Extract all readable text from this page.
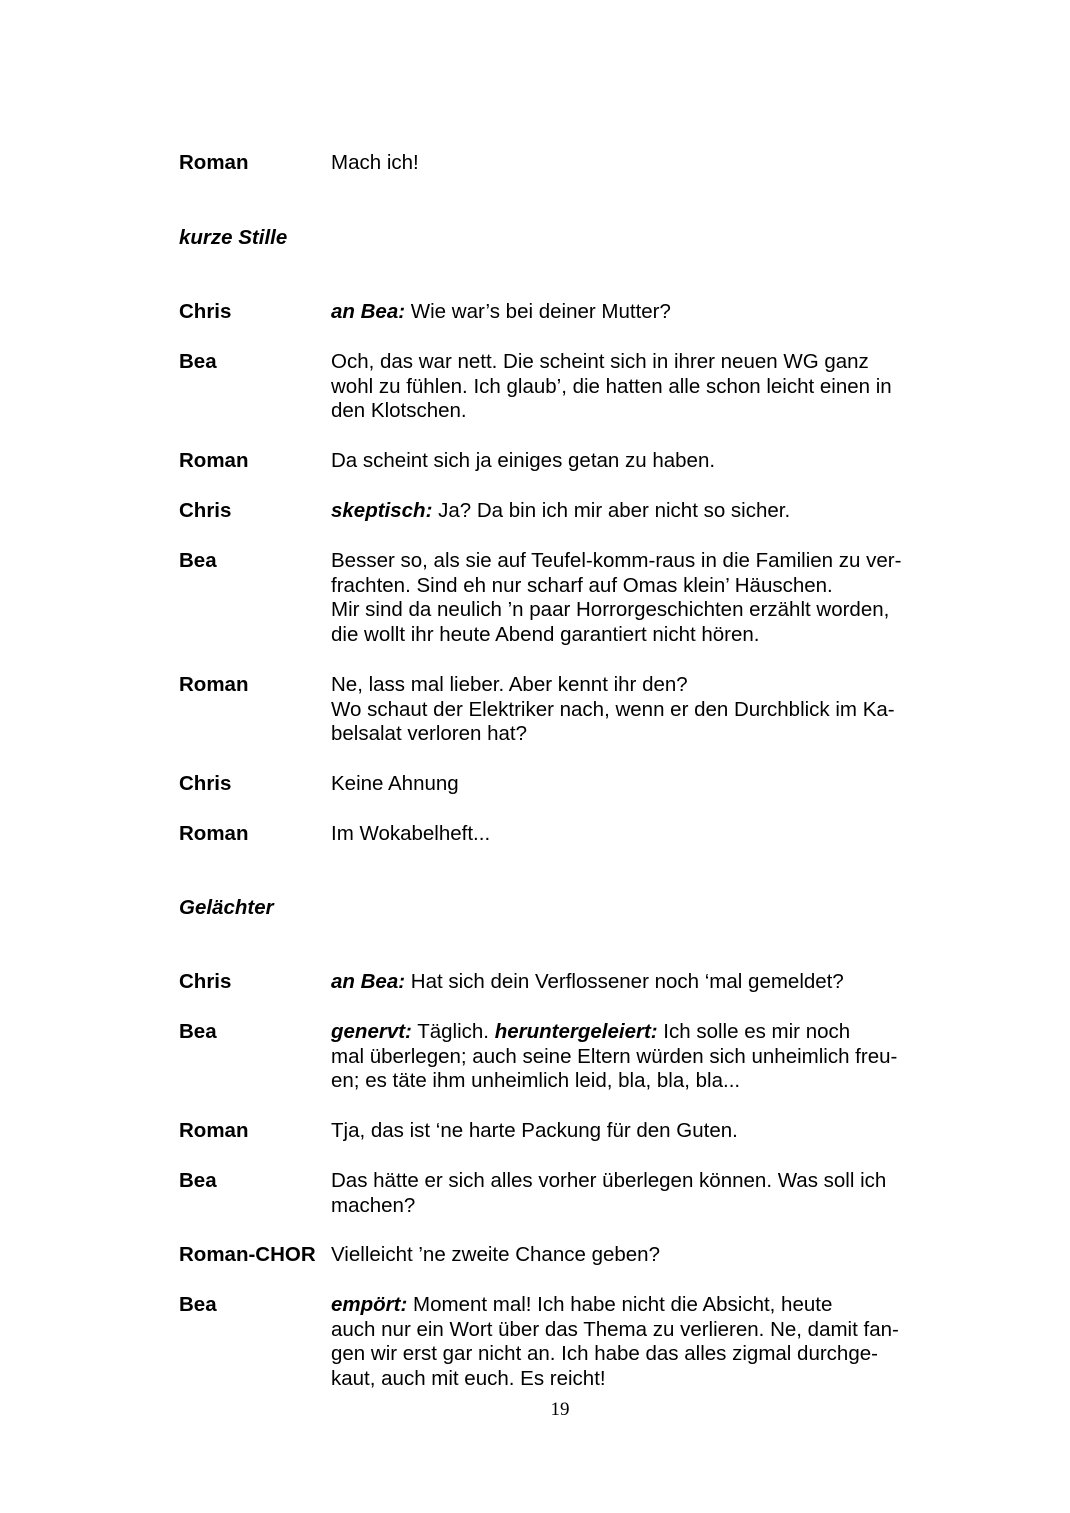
Roman	Mach ich!
kurze Stille
Chris	an Bea: Wie war’s bei deiner Mutter?
Bea	Och, das war nett. Die scheint sich in ihrer neuen WG ganz
wohl zu fühlen. Ich glaub’, die hatten alle schon leicht einen in
den Klotschen.
Roman	Da scheint sich ja einiges getan zu haben.
Chris	skeptisch: Ja? Da bin ich mir aber nicht so sicher.
Bea	Besser so, als sie auf Teufel-komm-raus in die Familien zu ver-
frachten. Sind eh nur scharf auf Omas klein’ Häuschen.
Mir sind da neulich ’n paar Horrorgeschichten erzählt worden,
die wollt ihr heute Abend garantiert nicht hören.
Roman	Ne, lass mal lieber. Aber kennt ihr den?
Wo schaut der Elektriker nach, wenn er den Durchblick im Ka-
belsalat verloren hat?
Chris	Keine Ahnung
Roman	Im Wokabelheft...
Gelächter
Chris	an Bea: Hat sich dein Verflossener noch ‘mal gemeldet?
Bea	genervt: Täglich. heruntergeleiert: Ich solle es mir noch
mal überlegen; auch seine Eltern würden sich unheimlich freu-
en; es täte ihm unheimlich leid, bla, bla, bla...
Roman	Tja, das ist ‘ne harte Packung für den Guten.
Bea	Das hätte er sich alles vorher überlegen können. Was soll ich
machen?
Roman-CHOR Vielleicht ’ne zweite Chance geben?
Bea	empört: Moment mal! Ich habe nicht die Absicht, heute
auch nur ein Wort über das Thema zu verlieren. Ne, damit fan-
gen wir erst gar nicht an. Ich habe das alles zigmal durchge-
kaut, auch mit euch. Es reicht!
19
